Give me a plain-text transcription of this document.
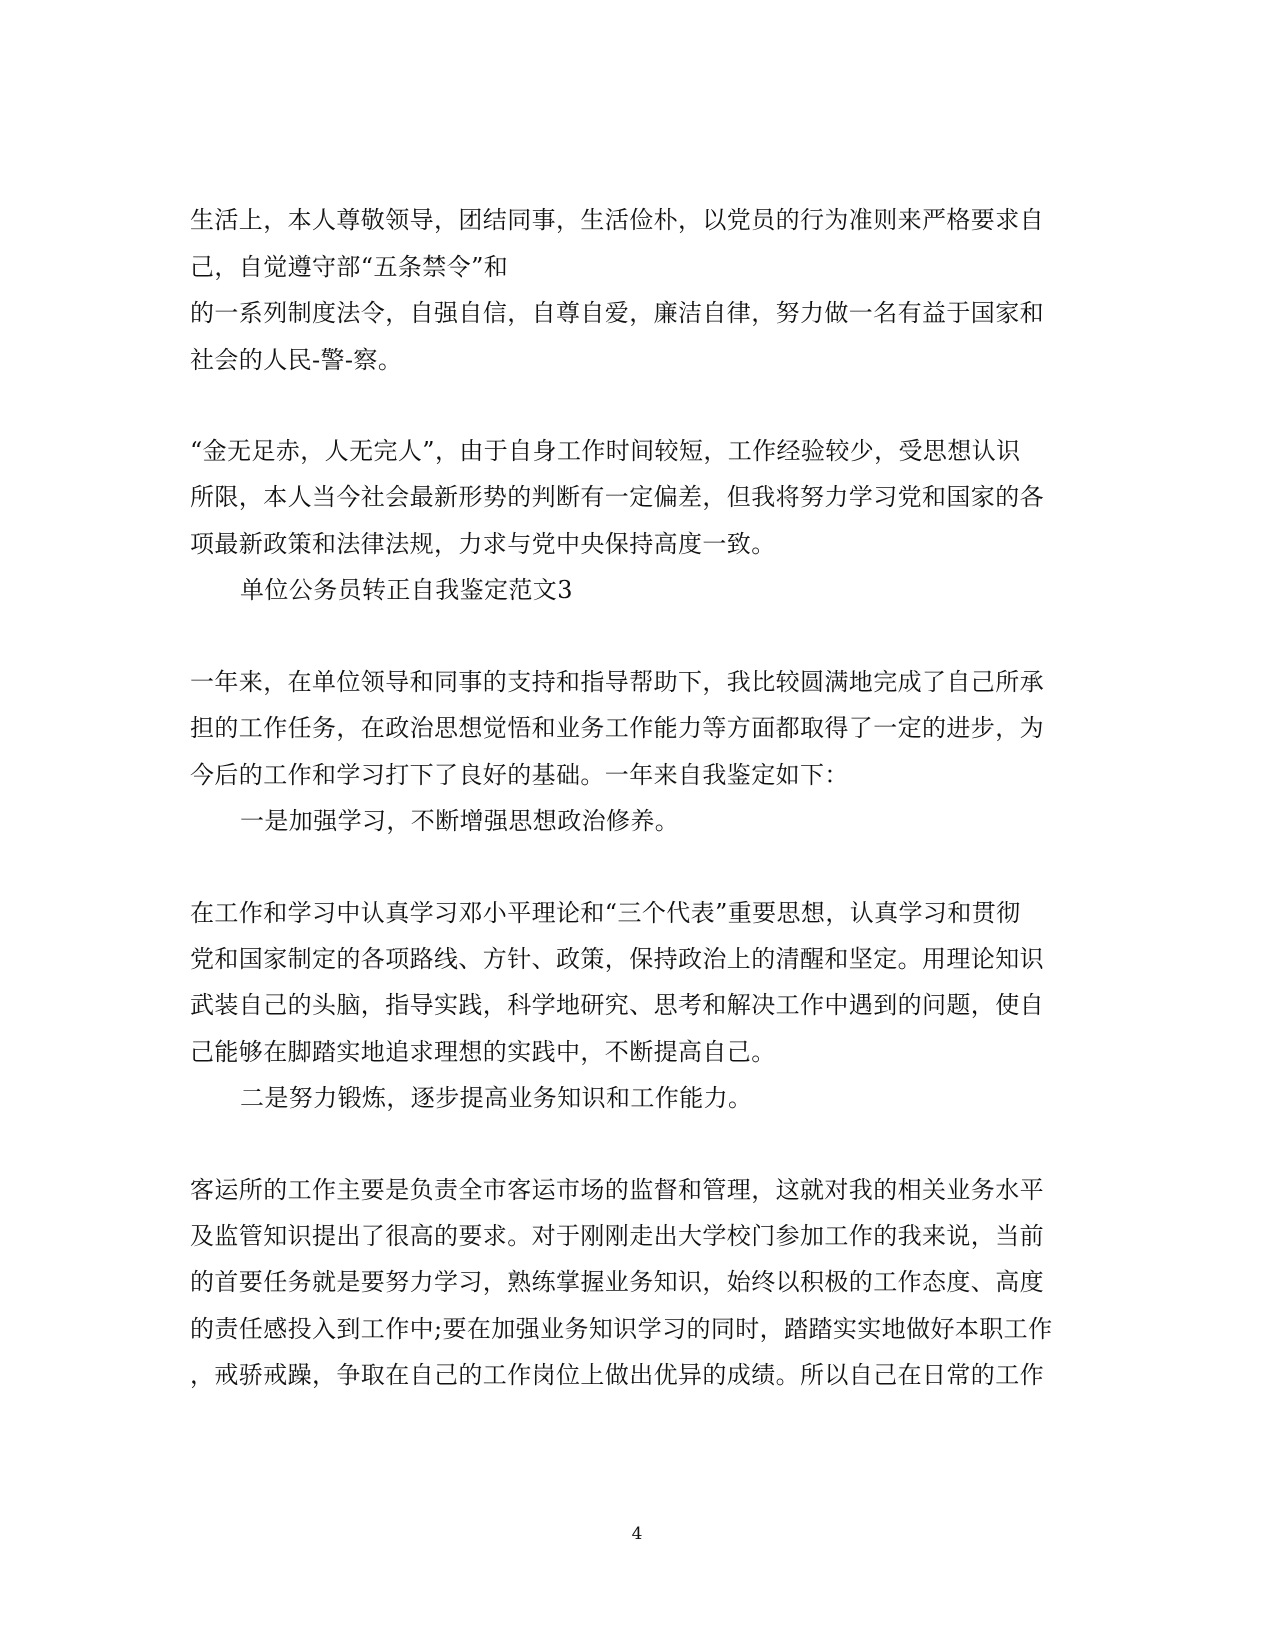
生活上，本人尊敬领导，团结同事，生活俭朴，以党员的行为准则来严格要求自
己，自觉遵守部“五条禁令”和
的一系列制度法令，自强自信，自尊自爱，廉洁自律，努力做一名有益于国家和
社会的人民-警-察。
“金无足赤，人无完人”，由于自身工作时间较短，工作经验较少，受思想认识
所限，本人当今社会最新形势的判断有一定偏差，但我将努力学习党和国家的各
项最新政策和法律法规，力求与党中央保持高度一致。
单位公务员转正自我鉴定范文3
一年来，在单位领导和同事的支持和指导帮助下，我比较圆满地完成了自己所承
担的工作任务，在政治思想觉悟和业务工作能力等方面都取得了一定的进步，为
今后的工作和学习打下了良好的基础。一年来自我鉴定如下：
一是加强学习，不断增强思想政治修养。
在工作和学习中认真学习邓小平理论和“三个代表”重要思想，认真学习和贯彻
党和国家制定的各项路线、方针、政策，保持政治上的清醒和坚定。用理论知识
武装自己的头脑，指导实践，科学地研究、思考和解决工作中遇到的问题，使自
己能够在脚踏实地追求理想的实践中，不断提高自己。
二是努力锻炼，逐步提高业务知识和工作能力。
客运所的工作主要是负责全市客运市场的监督和管理，这就对我的相关业务水平
及监管知识提出了很高的要求。对于刚刚走出大学校门参加工作的我来说，当前
的首要任务就是要努力学习，熟练掌握业务知识，始终以积极的工作态度、高度
的责任感投入到工作中;要在加强业务知识学习的同时，踏踏实实地做好本职工作
，戒骄戒躁，争取在自己的工作岗位上做出优异的成绩。所以自己在日常的工作
4
